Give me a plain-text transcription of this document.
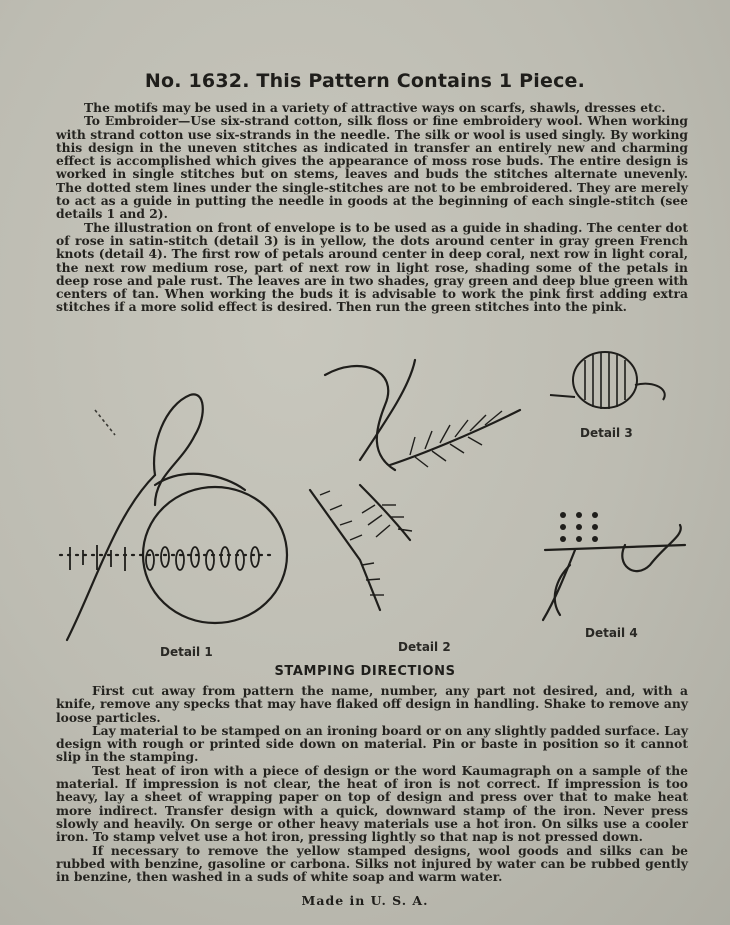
No. 1632. This Pattern Contains 1 Piece.

The motifs may be used in a variety of attractive ways on scarfs, shawls, dresses etc.

To Embroider—Use six-strand cotton, silk floss or fine embroidery wool. When working with strand cotton use six-strands in the needle. The silk or wool is used singly. By working this design in the uneven stitches as indicated in transfer an entirely new and charming effect is accomplished which gives the appearance of moss rose buds. The entire design is worked in single stitches but on stems, leaves and buds the stitches alternate unevenly. The dotted stem lines under the single-stitches are not to be embroidered. They are merely to act as a guide in putting the needle in goods at the beginning of each single-stitch (see details 1 and 2).

The illustration on front of envelope is to be used as a guide in shading. The center dot of rose in satin-stitch (detail 3) is in yellow, the dots around center in gray green French knots (detail 4). The first row of petals around center in deep coral, next row in light coral, the next row medium rose, part of next row in light rose, shading some of the petals in deep rose and pale rust. The leaves are in two shades, gray green and deep blue green with centers of tan. When working the buds it is advisable to work the pink first adding extra stitches if a more solid effect is desired. Then run the green stitches into the pink.

Detail 1	Detail 2
Detail 3
Detail 4
STAMPING DIRECTIONS

First cut away from pattern the name, number, any part not desired, and, with a knife, remove any specks that may have flaked off design in handling. Shake to remove any loose particles.

Lay material to be stamped on an ironing board or on any slightly padded surface. Lay design with rough or printed side down on material. Pin or baste in position so it cannot slip in the stamping.

Test heat of iron with a piece of design or the word Kaumagraph on a sample of the material. If impression is not clear, the heat of iron is not correct. If impression is too heavy, lay a sheet of wrapping paper on top of design and press over that to make heat more indirect. Transfer design with a quick, downward stamp of the iron. Never press slowly and heavily. On serge or other heavy materials use a hot iron. On silks use a cooler iron. To stamp velvet use a hot iron, pressing lightly so that nap is not pressed down.

If necessary to remove the yellow stamped designs, wool goods and silks can be rubbed with benzine, gasoline or carbona. Silks not injured by water can be rubbed gently in benzine, then washed in a suds of white soap and warm water.

Made in U. S. A.
